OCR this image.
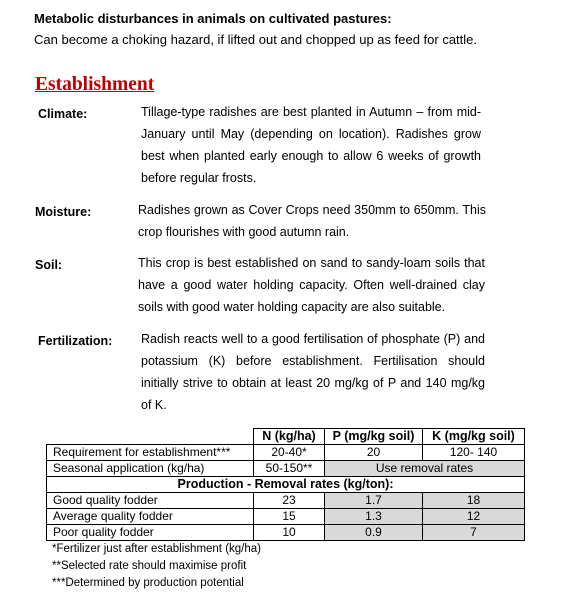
Metabolic disturbances in animals on cultivated pastures:
Can become a choking hazard, if lifted out and chopped up as feed for cattle.
Establishment
Climate:	Tillage-type radishes are best planted in Autumn – from mid-January until May (depending on location). Radishes grow best when planted early enough to allow 6 weeks of growth before regular frosts.

Moisture:	Radishes grown as Cover Crops need 350mm to 650mm. This crop flourishes with good autumn rain.

Soil:	This crop is best established on sand to sandy-loam soils that have a good water holding capacity. Often well-drained clay soils with good water holding capacity are also suitable.

Fertilization: Radish reacts well to a good fertilisation of phosphate (P) and potassium (K) before establishment. Fertilisation should initially strive to obtain at least 20 mg/kg of P and 140 mg/kg of K.

	N (kg/ha)	P (mg/kg soil)	K (mg/kg soil)
Requirement for establishment***	20-40*	20	120- 140
Seasonal application (kg/ha)	50-150**	Use removal rates	
Production - Removal rates (kg/ton):			
Good quality fodder	23	1.7	18
Average quality fodder	15	1.3	12
Poor quality fodder	10	0.9	7
*Fertilizer just after establishment (kg/ha)
**Selected rate should maximise profit
***Determined by production potential
